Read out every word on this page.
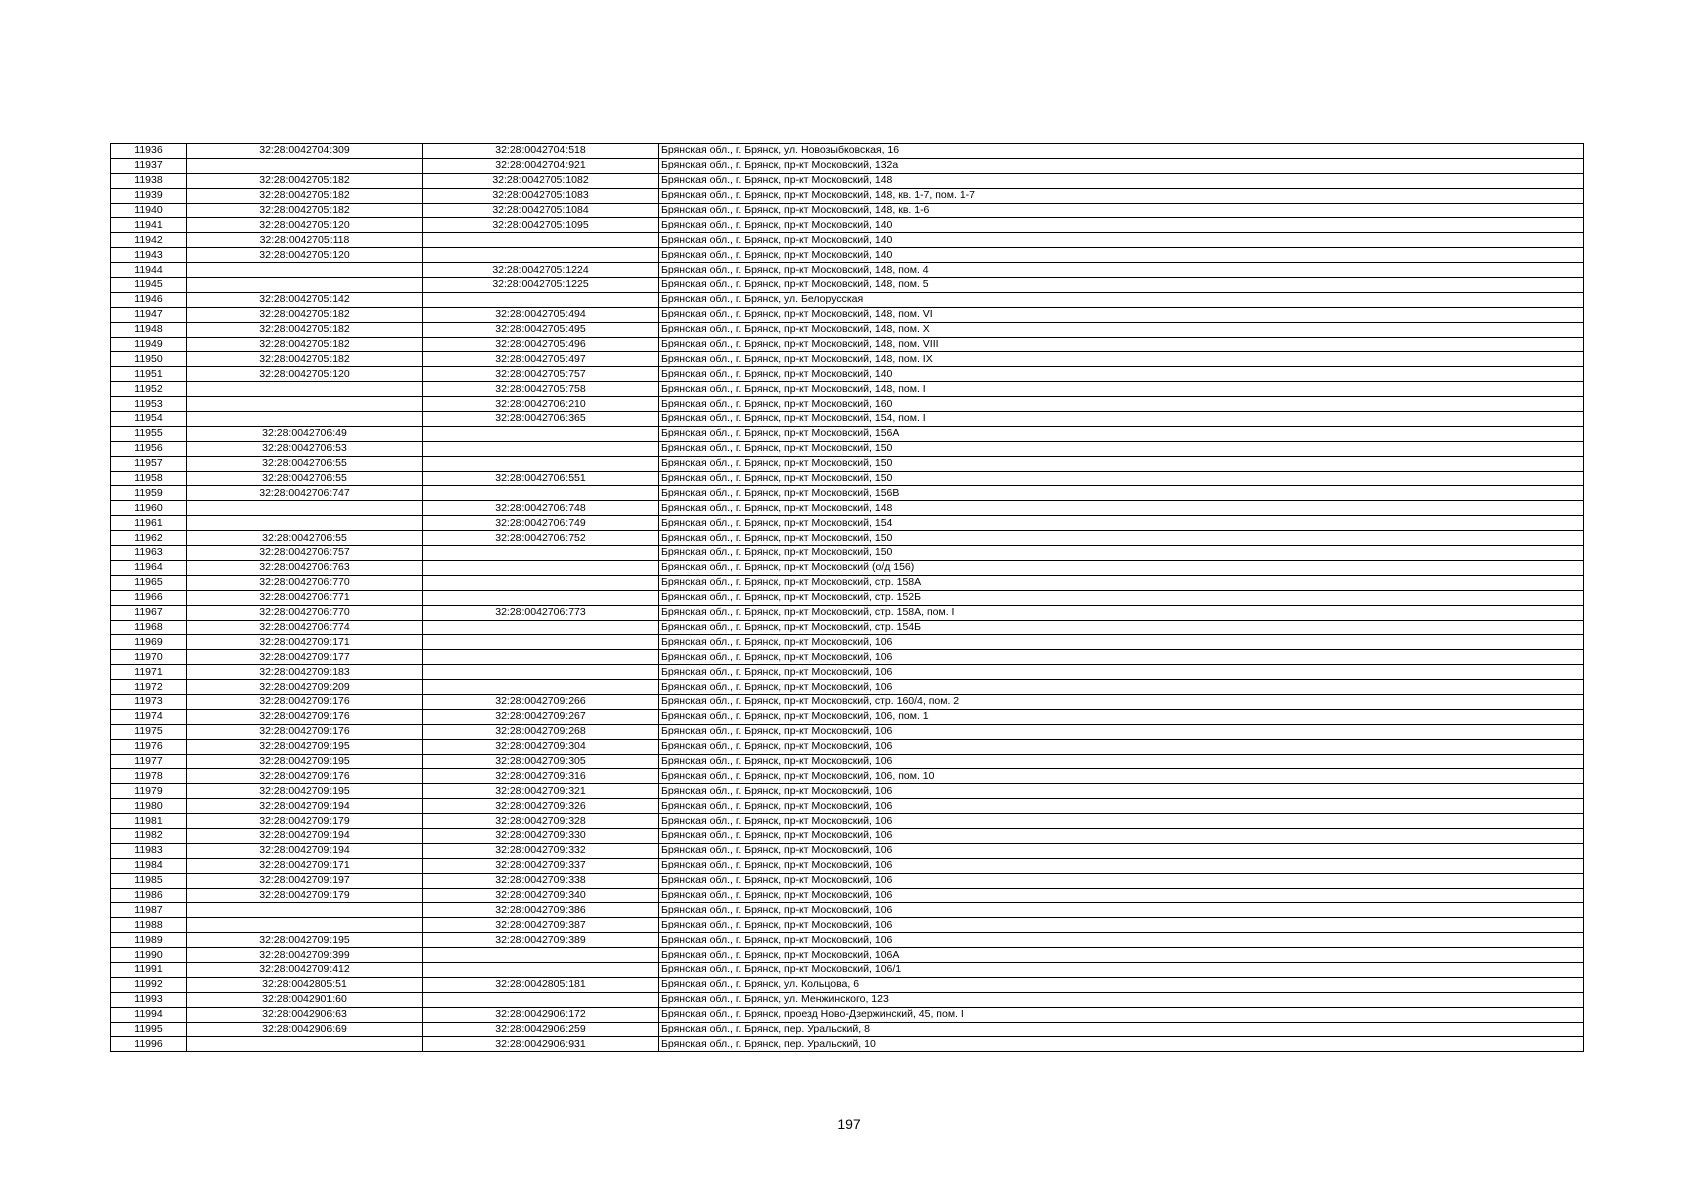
11936	32:28:0042704:309	32:28:0042704:518	Брянская обл., г. Брянск, ул. Новозыбковская, 16
11937		32:28:0042704:921	Брянская обл., г. Брянск, пр-кт Московский, 132а
11938	32:28:0042705:182	32:28:0042705:1082	Брянская обл., г. Брянск, пр-кт Московский, 148
11939	32:28:0042705:182	32:28:0042705:1083	Брянская обл., г. Брянск, пр-кт Московский, 148, кв. 1-7, пом. 1-7
11940	32:28:0042705:182	32:28:0042705:1084	Брянская обл., г. Брянск, пр-кт Московский, 148, кв. 1-6
11941	32:28:0042705:120	32:28:0042705:1095	Брянская обл., г. Брянск, пр-кт Московский, 140
11942	32:28:0042705:118		Брянская обл., г. Брянск, пр-кт Московский, 140
11943	32:28:0042705:120		Брянская обл., г. Брянск, пр-кт Московский, 140
11944		32:28:0042705:1224	Брянская обл., г. Брянск, пр-кт Московский, 148, пом. 4
11945		32:28:0042705:1225	Брянская обл., г. Брянск, пр-кт Московский, 148, пом. 5
11946	32:28:0042705:142		Брянская обл., г. Брянск, ул. Белорусская
11947	32:28:0042705:182	32:28:0042705:494	Брянская обл., г. Брянск, пр-кт Московский, 148, пом. VI
11948	32:28:0042705:182	32:28:0042705:495	Брянская обл., г. Брянск, пр-кт Московский, 148, пом. X
11949	32:28:0042705:182	32:28:0042705:496	Брянская обл., г. Брянск, пр-кт Московский, 148, пом. VIII
11950	32:28:0042705:182	32:28:0042705:497	Брянская обл., г. Брянск, пр-кт Московский, 148, пом. IX
11951	32:28:0042705:120	32:28:0042705:757	Брянская обл., г. Брянск, пр-кт Московский, 140
11952		32:28:0042705:758	Брянская обл., г. Брянск, пр-кт Московский, 148, пом. I
11953		32:28:0042706:210	Брянская обл., г. Брянск, пр-кт Московский, 160
11954		32:28:0042706:365	Брянская обл., г. Брянск, пр-кт Московский, 154, пом. I
11955	32:28:0042706:49		Брянская обл., г. Брянск, пр-кт Московский, 156А
11956	32:28:0042706:53		Брянская обл., г. Брянск, пр-кт Московский, 150
11957	32:28:0042706:55		Брянская обл., г. Брянск, пр-кт Московский, 150
11958	32:28:0042706:55	32:28:0042706:551	Брянская обл., г. Брянск, пр-кт Московский, 150
11959	32:28:0042706:747		Брянская обл., г. Брянск, пр-кт Московский, 156В
11960		32:28:0042706:748	Брянская обл., г. Брянск, пр-кт Московский, 148
11961		32:28:0042706:749	Брянская обл., г. Брянск, пр-кт Московский, 154
11962	32:28:0042706:55	32:28:0042706:752	Брянская обл., г. Брянск, пр-кт Московский, 150
11963	32:28:0042706:757		Брянская обл., г. Брянск, пр-кт Московский, 150
11964	32:28:0042706:763		Брянская обл., г. Брянск, пр-кт Московский (о/д 156)
11965	32:28:0042706:770		Брянская обл., г. Брянск, пр-кт Московский, стр. 158А
11966	32:28:0042706:771		Брянская обл., г. Брянск, пр-кт Московский, стр. 152Б
11967	32:28:0042706:770	32:28:0042706:773	Брянская обл., г. Брянск, пр-кт Московский, стр. 158А, пом. I
11968	32:28:0042706:774		Брянская обл., г. Брянск, пр-кт Московский, стр. 154Б
11969	32:28:0042709:171		Брянская обл., г. Брянск, пр-кт Московский, 106
11970	32:28:0042709:177		Брянская обл., г. Брянск, пр-кт Московский, 106
11971	32:28:0042709:183		Брянская обл., г. Брянск, пр-кт Московский, 106
11972	32:28:0042709:209		Брянская обл., г. Брянск, пр-кт Московский, 106
11973	32:28:0042709:176	32:28:0042709:266	Брянская обл., г. Брянск, пр-кт Московский, стр. 160/4, пом. 2
11974	32:28:0042709:176	32:28:0042709:267	Брянская обл., г. Брянск, пр-кт Московский, 106, пом. 1
11975	32:28:0042709:176	32:28:0042709:268	Брянская обл., г. Брянск, пр-кт Московский, 106
11976	32:28:0042709:195	32:28:0042709:304	Брянская обл., г. Брянск, пр-кт Московский, 106
11977	32:28:0042709:195	32:28:0042709:305	Брянская обл., г. Брянск, пр-кт Московский, 106
11978	32:28:0042709:176	32:28:0042709:316	Брянская обл., г. Брянск, пр-кт Московский, 106, пом. 10
11979	32:28:0042709:195	32:28:0042709:321	Брянская обл., г. Брянск, пр-кт Московский, 106
11980	32:28:0042709:194	32:28:0042709:326	Брянская обл., г. Брянск, пр-кт Московский, 106
11981	32:28:0042709:179	32:28:0042709:328	Брянская обл., г. Брянск, пр-кт Московский, 106
11982	32:28:0042709:194	32:28:0042709:330	Брянская обл., г. Брянск, пр-кт Московский, 106
11983	32:28:0042709:194	32:28:0042709:332	Брянская обл., г. Брянск, пр-кт Московский, 106
11984	32:28:0042709:171	32:28:0042709:337	Брянская обл., г. Брянск, пр-кт Московский, 106
11985	32:28:0042709:197	32:28:0042709:338	Брянская обл., г. Брянск, пр-кт Московский, 106
11986	32:28:0042709:179	32:28:0042709:340	Брянская обл., г. Брянск, пр-кт Московский, 106
11987		32:28:0042709:386	Брянская обл., г. Брянск, пр-кт Московский, 106
11988		32:28:0042709:387	Брянская обл., г. Брянск, пр-кт Московский, 106
11989	32:28:0042709:195	32:28:0042709:389	Брянская обл., г. Брянск, пр-кт Московский, 106
11990	32:28:0042709:399		Брянская обл., г. Брянск, пр-кт Московский, 106А
11991	32:28:0042709:412		Брянская обл., г. Брянск, пр-кт Московский, 106/1
11992	32:28:0042805:51	32:28:0042805:181	Брянская обл., г. Брянск, ул. Кольцова, 6
11993	32:28:0042901:60		Брянская обл., г. Брянск, ул. Менжинского, 123
11994	32:28:0042906:63	32:28:0042906:172	Брянская обл., г. Брянск, проезд Ново-Дзержинский, 45, пом. I
11995	32:28:0042906:69	32:28:0042906:259	Брянская обл., г. Брянск, пер. Уральский, 8
11996		32:28:0042906:931	Брянская обл., г. Брянск, пер. Уральский, 10
197
